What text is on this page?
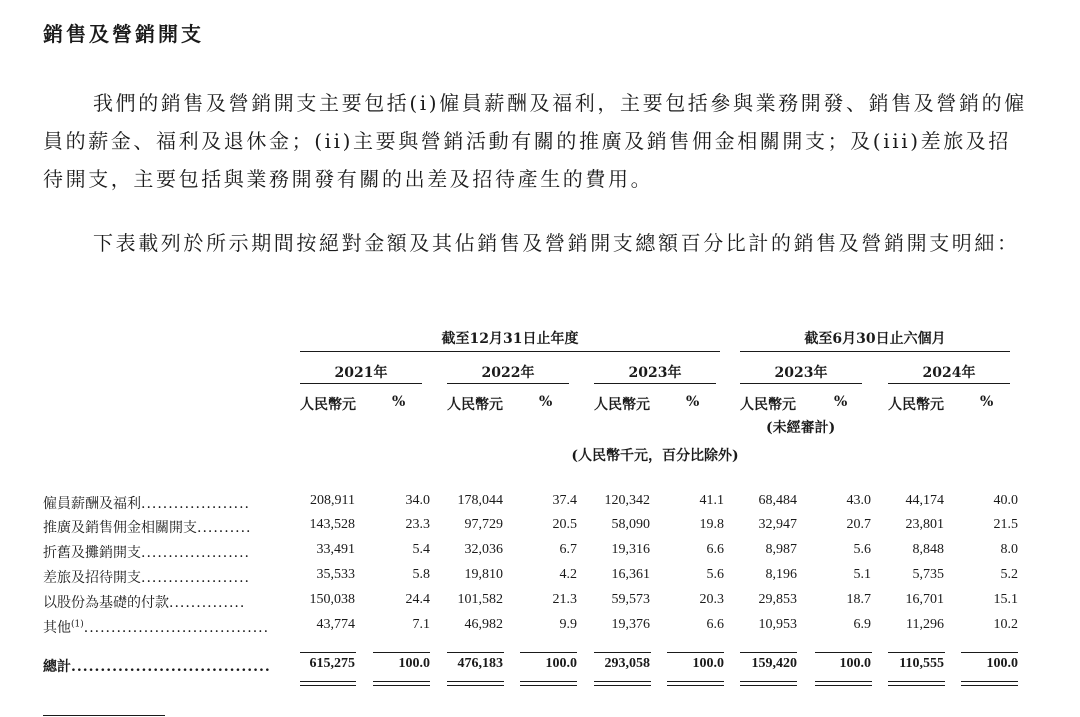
銷售及營銷開支

我們的銷售及營銷開支主要包括(i)僱員薪酬及福利，主要包括參與業務開發、銷售及營銷的僱員的薪金、福利及退休金；(ii)主要與營銷活動有關的推廣及銷售佣金相關開支；及(iii)差旅及招待開支，主要包括與業務開發有關的出差及招待產生的費用。

下表載列於所示期間按絕對金額及其佔銷售及營銷開支總額百分比計的銷售及營銷開支明細：

截至12月31日止年度	截至6月30日止六個月
2021年	2022年	2023年	2023年	2024年
人民幣元	%	人民幣元	%	人民幣元	%	人民幣元	%	人民幣元	%
(未經審計)
(人民幣千元，百分比除外)
僱員薪酬及福利....................	208,911	34.0	178,044	37.4	120,342	41.1	68,484	43.0	44,174	40.0
推廣及銷售佣金相關開支..........	143,528	23.3	97,729	20.5	58,090	19.8	32,947	20.7	23,801	21.5
折舊及攤銷開支....................	33,491	5.4	32,036	6.7	19,316	6.6	8,987	5.6	8,848	8.0
差旅及招待開支....................	35,533	5.8	19,810	4.2	16,361	5.6	8,196	5.1	5,735	5.2
以股份為基礎的付款..............	150,038	24.4	101,582	21.3	59,573	20.3	29,853	18.7	16,701	15.1
其他$^{(1)}$..................................	43,774	7.1	46,982	9.9	19,376	6.6	10,953	6.9	11,296	10.2
總計..................................	615,275	100.0	476,183	100.0	293,058	100.0	159,420	100.0	110,555	100.0
